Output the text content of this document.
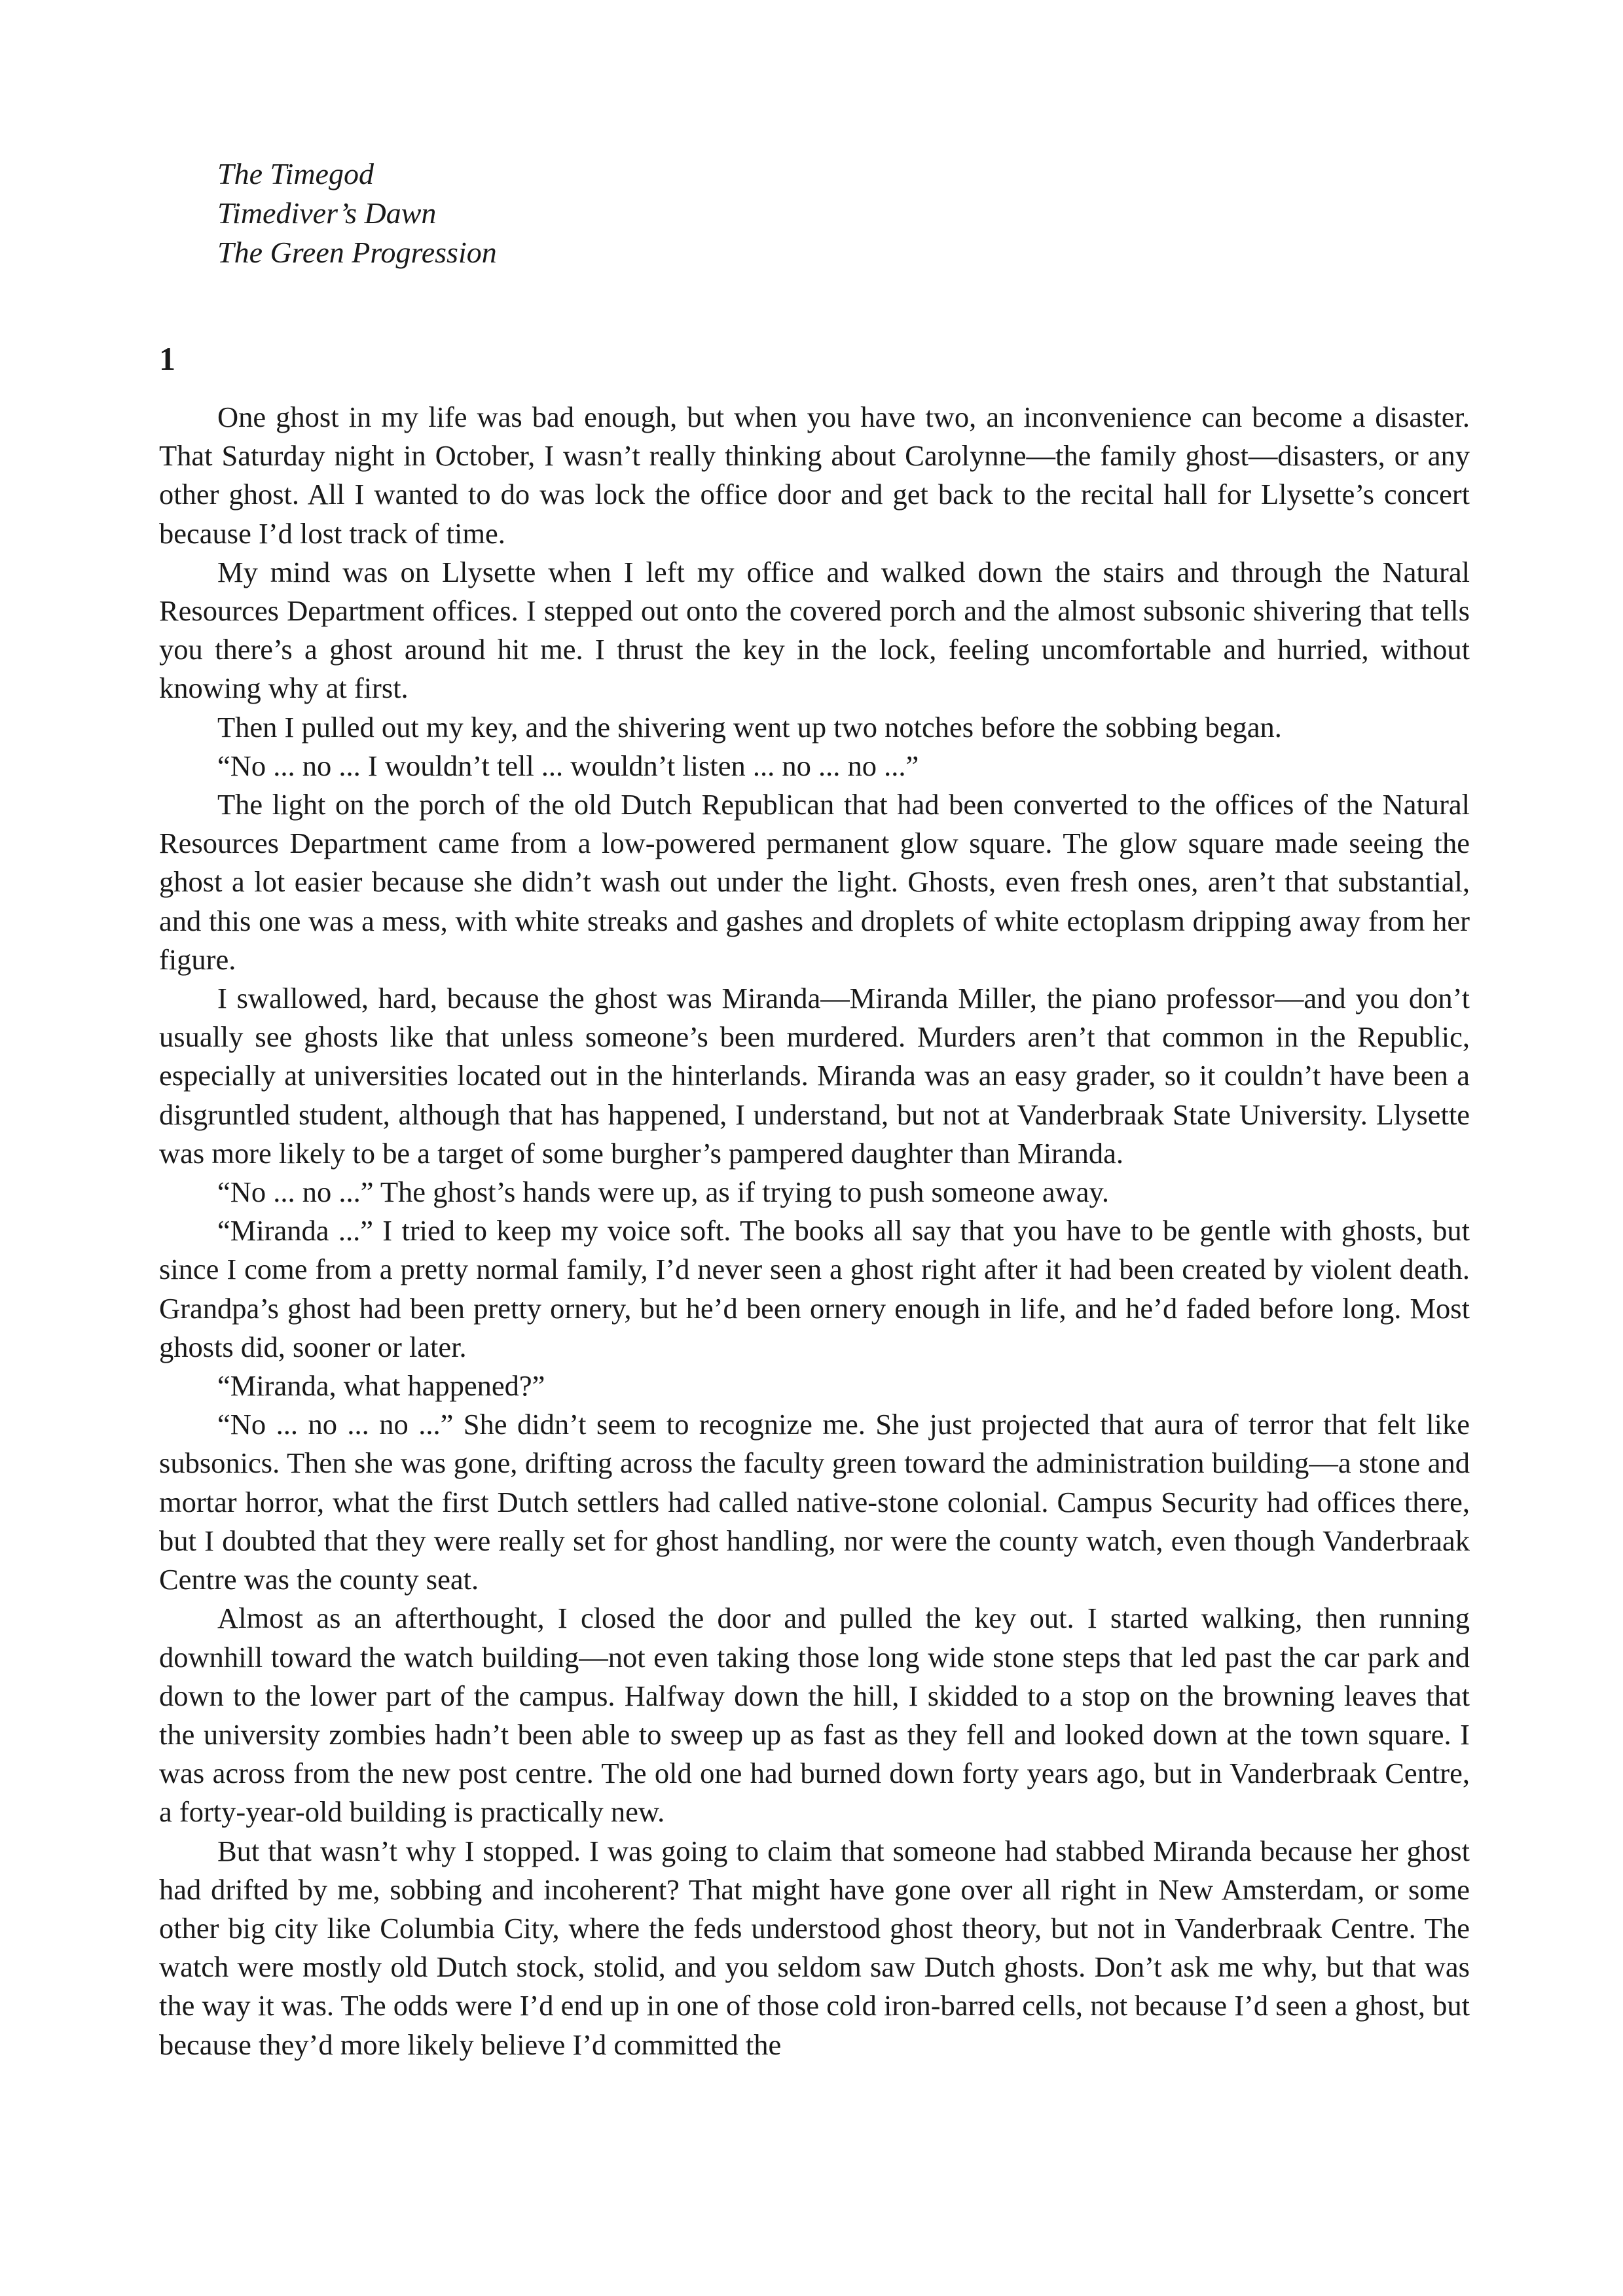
The Timegod
Timediver’s Dawn
The Green Progression
1

One ghost in my life was bad enough, but when you have two, an inconvenience can become a disaster. That Saturday night in October, I wasn’t really thinking about Carolynne—the family ghost—disasters, or any other ghost. All I wanted to do was lock the office door and get back to the recital hall for Llysette’s concert because I’d lost track of time.

My mind was on Llysette when I left my office and walked down the stairs and through the Natural Resources Department offices. I stepped out onto the covered porch and the almost subsonic shivering that tells you there’s a ghost around hit me. I thrust the key in the lock, feeling uncomfortable and hurried, without knowing why at first.

Then I pulled out my key, and the shivering went up two notches before the sobbing began.

“No ... no ... I wouldn’t tell ... wouldn’t listen ... no ... no ...”

The light on the porch of the old Dutch Republican that had been converted to the offices of the Natural Resources Department came from a low-powered permanent glow square. The glow square made seeing the ghost a lot easier because she didn’t wash out under the light. Ghosts, even fresh ones, aren’t that substantial, and this one was a mess, with white streaks and gashes and droplets of white ectoplasm dripping away from her figure.

I swallowed, hard, because the ghost was Miranda—Miranda Miller, the piano professor—and you don’t usually see ghosts like that unless someone’s been murdered. Murders aren’t that common in the Republic, especially at universities located out in the hinterlands. Miranda was an easy grader, so it couldn’t have been a disgruntled student, although that has happened, I understand, but not at Vanderbraak State University. Llysette was more likely to be a target of some burgher’s pampered daughter than Miranda.

“No ... no ...” The ghost’s hands were up, as if trying to push someone away.

“Miranda ...” I tried to keep my voice soft. The books all say that you have to be gentle with ghosts, but since I come from a pretty normal family, I’d never seen a ghost right after it had been created by violent death. Grandpa’s ghost had been pretty ornery, but he’d been ornery enough in life, and he’d faded before long. Most ghosts did, sooner or later.

“Miranda, what happened?”

“No ... no ... no ...” She didn’t seem to recognize me. She just projected that aura of terror that felt like subsonics. Then she was gone, drifting across the faculty green toward the administration building—a stone and mortar horror, what the first Dutch settlers had called native-stone colonial. Campus Security had offices there, but I doubted that they were really set for ghost handling, nor were the county watch, even though Vanderbraak Centre was the county seat.

Almost as an afterthought, I closed the door and pulled the key out. I started walking, then running downhill toward the watch building—not even taking those long wide stone steps that led past the car park and down to the lower part of the campus. Halfway down the hill, I skidded to a stop on the browning leaves that the university zombies hadn’t been able to sweep up as fast as they fell and looked down at the town square. I was across from the new post centre. The old one had burned down forty years ago, but in Vanderbraak Centre, a forty-year-old building is practically new.

But that wasn’t why I stopped. I was going to claim that someone had stabbed Miranda because her ghost had drifted by me, sobbing and incoherent? That might have gone over all right in New Amsterdam, or some other big city like Columbia City, where the feds understood ghost theory, but not in Vanderbraak Centre. The watch were mostly old Dutch stock, stolid, and you seldom saw Dutch ghosts. Don’t ask me why, but that was the way it was. The odds were I’d end up in one of those cold iron-barred cells, not because I’d seen a ghost, but because they’d more likely believe I’d committed the
